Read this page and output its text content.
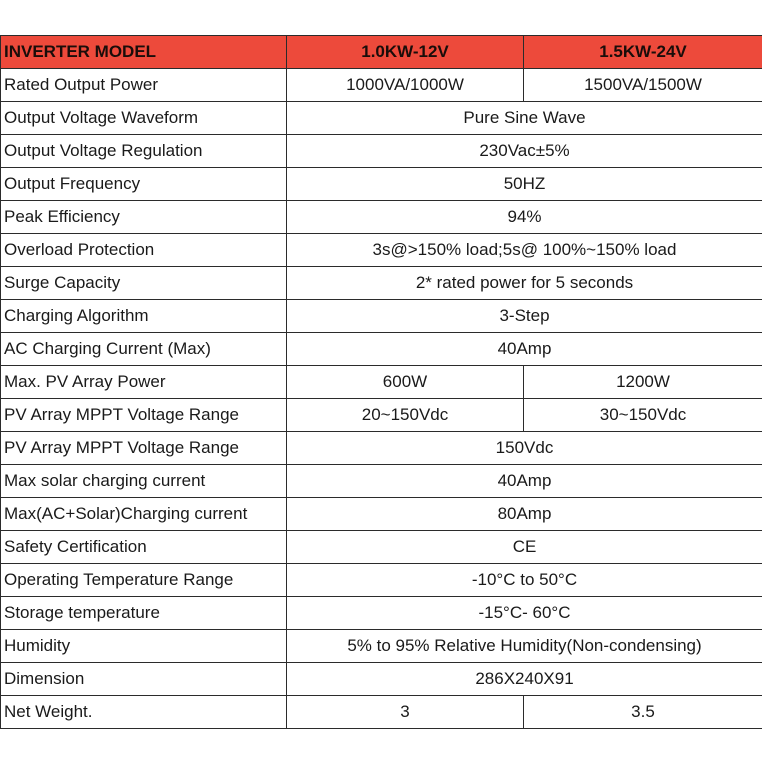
INVERTER MODEL	1.0KW-12V	1.5KW-24V
Rated Output Power	1000VA/1000W	1500VA/1500W
Output Voltage Waveform	Pure Sine Wave	
Output Voltage Regulation	230Vac±5%	
Output Frequency	50HZ	
Peak Efficiency	94%	
Overload Protection	3s@>150% load;5s@ 100%~150% load	
Surge Capacity	2* rated power for 5 seconds	
Charging Algorithm	3-Step	
AC Charging Current (Max)	40Amp	
Max. PV Array Power	600W	1200W
PV Array MPPT Voltage Range	20~150Vdc	30~150Vdc
PV Array MPPT Voltage Range	150Vdc	
Max solar charging current	40Amp	
Max(AC+Solar)Charging current	80Amp	
Safety Certification	CE	
Operating Temperature Range	-10°C to 50°C	
Storage temperature	-15°C- 60°C	
Humidity	5% to 95% Relative Humidity(Non-condensing)	
Dimension	286X240X91	
Net Weight.	3	3.5
